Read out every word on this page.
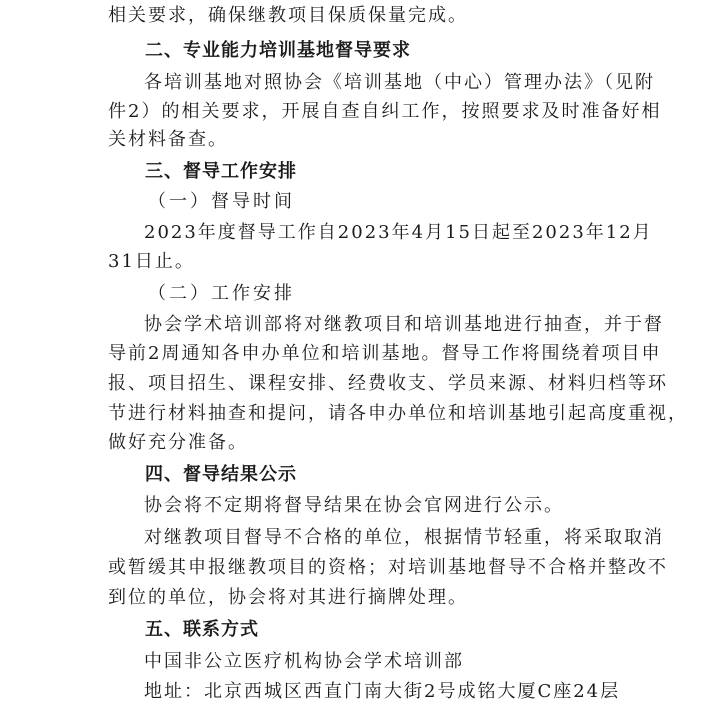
相关要求，确保继教项目保质保量完成。

二、专业能力培训基地督导要求

各培训基地对照协会《培训基地（中心）管理办法》（见附

件2）的相关要求，开展自查自纠工作，按照要求及时准备好相

关材料备查。

三、督导工作安排

（一）督导时间

2023年度督导工作自2023年4月15日起至2023年12月

31日止。

（二）工作安排

协会学术培训部将对继教项目和培训基地进行抽查，并于督

导前2周通知各申办单位和培训基地。督导工作将围绕着项目申

报、项目招生、课程安排、经费收支、学员来源、材料归档等环

节进行材料抽查和提问，请各申办单位和培训基地引起高度重视，

做好充分准备。

四、督导结果公示

协会将不定期将督导结果在协会官网进行公示。

对继教项目督导不合格的单位，根据情节轻重，将采取取消

或暂缓其申报继教项目的资格；对培训基地督导不合格并整改不

到位的单位，协会将对其进行摘牌处理。

五、联系方式

中国非公立医疗机构协会学术培训部

地址：北京西城区西直门南大街2号成铭大厦C座24层
